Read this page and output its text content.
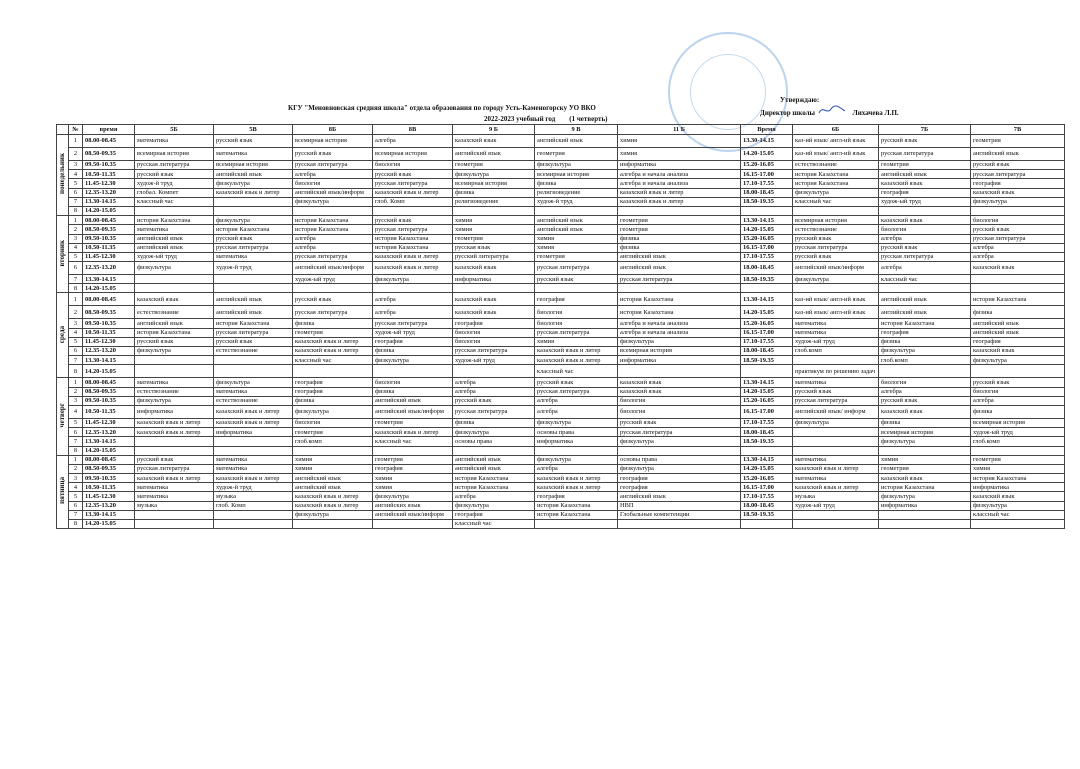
Утверждаю:
Директор школы	Лихачева Л.П.
КГУ "Меновновская средняя школа" отдела образования по городу Усть-Каменогорску УО ВКО
2022-2023 учебный год (1 четверть)
	№	время	5Б	5В	8Б	8В	9 Б	9 В	11 Б	Время	6Б	7Б	7В
понедельник	1	08.00-08.45	математика	русский язык	всемирная история	алгебра	казахский язык	английский язык	химия	13.30-14.15	каз-ий язык/ англ-ий язык	русский язык	геометрия
	2	08.50-09.35	всемирная история	математика	русский язык	всемирная история	английский язык	геометрия	химия	14.20-15.05	каз-ий язык/ англ-ий язык	русская литература	английский язык
	3	09.50-10.35	русская литература	всемирная история	русская литература	биология	геометрия	физкультура	информатика	15.20-16.05	естествознание	геометрия	русский язык
	4	10.50-11.35	русский язык	английский язык	алгебра	русский язык	физкультура	всемирная история	алгебра и начала анализа	16.15-17.00	история Казахстана	английский язык	русская литература
	5	11.45-12.30	худож-й труд	физкультура	биология	русская литература	всемирная история	физика	алгебра и начала анализа	17.10-17.55	история Казахстана	казахский язык	география
	6	12.35-13.20	глобал. Компет	казахский язык и литер	английский язык/информ	казахский язык и литер	физика	религиоведение	казахский язык и литер	18.00-18.45	физкультура	география	казахский язык
	7	13.30-14.15	классный час		физкультура	глоб. Комп	религиоведение	худож-й труд	казахский язык и литер	18.50-19.35	классный час	худож-ый труд	физкультура
	8	14.20-15.05											
вторник	1	08.00-08.45	история Казахстана	физкультура	история Казахстана	русский язык	химия	английский язык	геометрия	13.30-14.15	всемирная история	казахский язык	биология
	2	08.50-09.35	математика	история Казахстана	история Казахстана	русская литература	химия	английский язык	геометрия	14.20-15.05	естествознание	биология	русский язык
	3	09.50-10.35	английский язык	русский язык	алгебра	история Казахстана	геометрия	химия	физика	15.20-16.05	русский язык	алгебра	русская литература
	4	10.50-11.35	английский язык	русская литература	алгебра	история Казахстана	русская язык	химия	физика	16.15-17.00	русская литература	русский язык	алгебра
	5	11.45-12.30	худож-ый труд	математика	русская литература	казахский язык и литер	русский литература	геометрия	английский язык	17.10-17.55	русский язык	русская литература	алгебра
	6	12.35-13.20	физкультура	худож-й труд	английский язык/информ	казахский язык и литер	казахский язык	русская литература	английский язык	18.00-18.45	английский язык/информ	алгебра	казахский язык
	7	13.30-14.15			худож-ый труд	физкультура	информатика	русский язык	русская литература	18.50-19.35	физкультура	классный час	
	8	14.20-15.05											
среда	1	08.00-08.45	казахский язык	английский язык	русский язык	алгебра	казахский язык	география	история Казахстана	13.30-14.15	каз-ий язык/ англ-ий язык	английский язык	история Казахстана
	2	08.50-09.35	естествознание	английский язык	русская литература	алгебра	казахский язык	биология	история Казахстана	14.20-15.05	каз-ий язык/ англ-ий язык	английский язык	физика
	3	09.50-10.35	английский язык	история Казахстана	физика	русская литература	география	биология	алгебра и начала анализа	15.20-16.05	математика	история Казахстана	английский язык
	4	10.50-11.35	история Казахстана	русская литература	геометрия	худож-ый труд	биология	русская литература	алгебра и начала анализа	16.15-17.00	математика	география	английский язык
	5	11.45-12.30	русский язык	русский язык	казахский язык и литер	география	биология	химия	физкультура	17.10-17.55	худож-ый труд	физика	география
	6	12.35-13.20	физкультура	естествознание	казахский язык и литер	физика	русская литература	казахский язык и литер	всемирная история	18.00-18.45	глоб.комп	физкультура	казахский язык
	7	13.30-14.15			классный час	физкультура	худож-ый труд	казахский язык и литер	информатика	18.50-19.35		глоб.комп	физкультура
	8	14.20-15.05						классный час			практикум по решению задач		
четверг	1	08.00-08.45	математика	физкультура	география	биология	алгебра	русский язык	казахский язык	13.30-14.15	математика	биология	русский язык
	2	08.50-09.35	естествознание	математика	география	физика	алгебра	русская литература	казахский язык	14.20-15.05	русский язык	алгебра	биология
	3	09.50-10.35	физкультура	естествознание	физика	английский язык	русский язык	алгебра	биология	15.20-16.05	русская литература	русский язык	алгебра
	4	10.50-11.35	информатика	казахский язык и литер	физкультура	английский язык/информ	русская литература	алгебра	биология	16.15-17.00	английский язык/ информ	казахский язык	физика
	5	11.45-12.30	казахский язык и литер	казахский язык и литер	биология	геометрия	физика	физкультура	русский язык	17.10-17.55	физкультура	физика	всемирная история
	6	12.35-13.20	казахский язык и литер	информатика	геометрия	казахский язык и литер	физкультура	основы права	русская литература	18.00-18.45		всемирная история	худож-ый труд
	7	13.30-14.15			глоб.комп	классный час	основы права	информатика	физкультура	18.50-19.35		физкультура	глоб.комп
	8	14.20-15.05											
пятница	1	08.00-08.45	русский язык	математика	химия	геометрия	английский язык	физкультура	основы права	13.30-14.15	математика	химия	геометрия
	2	08.50-09.35	русская литература	математика	химия	география	английский язык	алгебра	физкультура	14.20-15.05	казахский язык и литер	геометрия	химия
	3	09.50-10.35	казахский язык и литер	казахский язык и литер	английский язык	химия	история Казахстана	казахский язык и литер	география	15.20-16.05	математика	казахский язык	история Казахстана
	4	10.50-11.35	математика	худож-й труд	английский язык	химия	история Казахстана	казахский язык и литер	география	16.15-17.00	казахский язык и литер	история Казахстана	информатика
	5	11.45-12.30	математика	музыка	казахский язык и литер	физкультура	алгебра	география	английский язык	17.10-17.55	музыка	физкультура	казахский язык
	6	12.35-13.20	музыка	глоб. Комп	казахский язык и литер	английских язык	физкультура	история Казахстана	НВП	18.00-18.45	худож-ый труд	информатика	физкультура
	7	13.30-14.15			физкультура	английский язык/информ	география	история Казахстана	Глобальные компетенции	18.50-19.35			классный час
	8	14.20-15.05					классный час						
